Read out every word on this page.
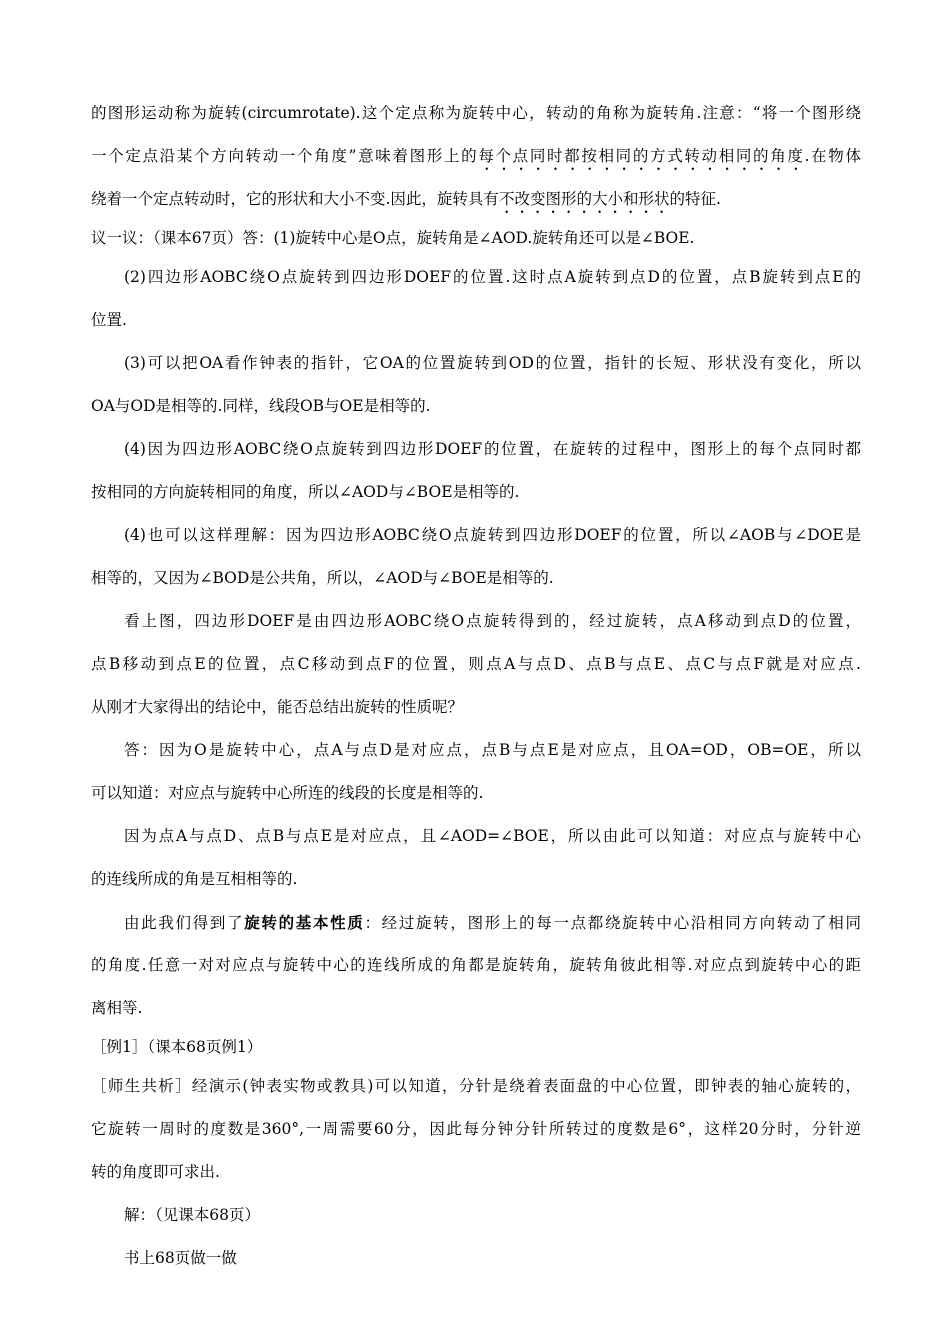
的图形运动称为旋转(circumrotate).这个定点称为旋转中心，转动的角称为旋转角.注意：“将一个图形绕
一个定点沿某个方向转动一个角度”意味着图形上的每个点同时都按相同的方式转动相同的角度.在物体
绕着一个定点转动时，它的形状和大小不变.因此，旋转具有不改变图形的大小和形状的特征.
议一议：（课本67页）答：(1)旋转中心是O点，旋转角是∠AOD.旋转角还可以是∠BOE.
(2)四边形AOBC绕O点旋转到四边形DOEF的位置.这时点A旋转到点D的位置，点B旋转到点E的
位置.
(3)可以把OA看作钟表的指针，它OA的位置旋转到OD的位置，指针的长短、形状没有变化，所以
OA与OD是相等的.同样，线段OB与OE是相等的.
(4)因为四边形AOBC绕O点旋转到四边形DOEF的位置，在旋转的过程中，图形上的每个点同时都
按相同的方向旋转相同的角度，所以∠AOD与∠BOE是相等的.
(4)也可以这样理解：因为四边形AOBC绕O点旋转到四边形DOEF的位置，所以∠AOB与∠DOE是
相等的，又因为∠BOD是公共角，所以，∠AOD与∠BOE是相等的.
看上图，四边形DOEF是由四边形AOBC绕O点旋转得到的，经过旋转，点A移动到点D的位置，
点B移动到点E的位置，点C移动到点F的位置，则点A与点D、点B与点E、点C与点F就是对应点.
从刚才大家得出的结论中，能否总结出旋转的性质呢？
答：因为O是旋转中心，点A与点D是对应点，点B与点E是对应点，且OA=OD，OB=OE，所以
可以知道：对应点与旋转中心所连的线段的长度是相等的.
因为点A与点D、点B与点E是对应点，且∠AOD=∠BOE，所以由此可以知道：对应点与旋转中心
的连线所成的角是互相相等的.
由此我们得到了旋转的基本性质：经过旋转，图形上的每一点都绕旋转中心沿相同方向转动了相同
的角度.任意一对对应点与旋转中心的连线所成的角都是旋转角，旋转角彼此相等.对应点到旋转中心的距
离相等.
［例1］（课本68页例1）
［师生共析］经演示(钟表实物或教具)可以知道，分针是绕着表面盘的中心位置，即钟表的轴心旋转的，
它旋转一周时的度数是360°,一周需要60分，因此每分钟分针所转过的度数是6°，这样20分时，分针逆
转的角度即可求出.
解：（见课本68页）
书上68页做一做
